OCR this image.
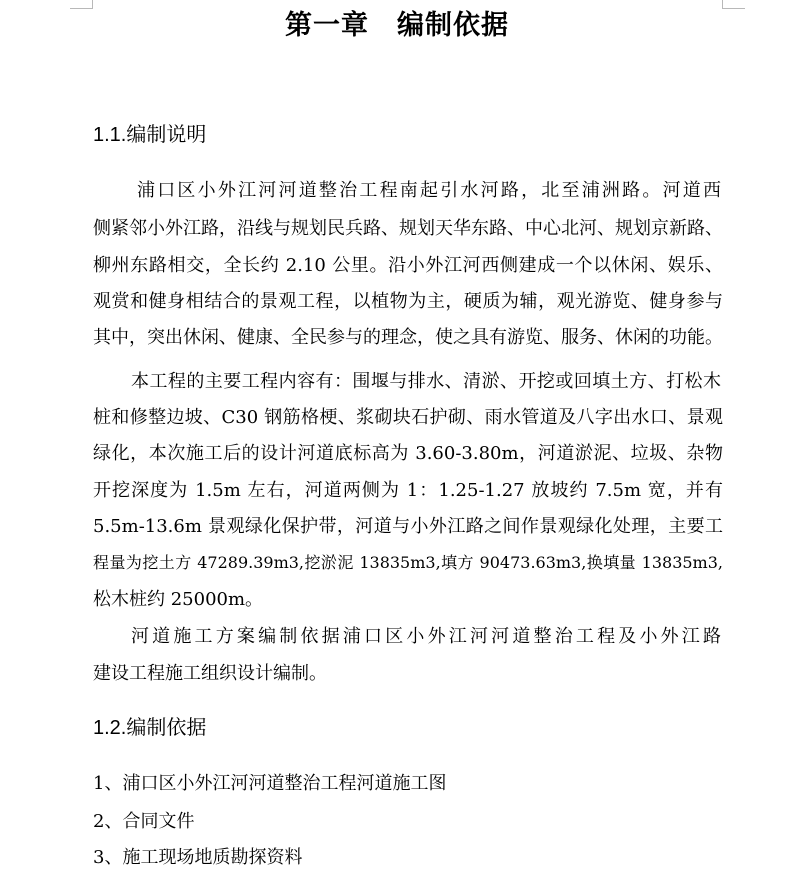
第一章　编制依据
1.1.编制说明
浦口区小外江河河道整治工程南起引水河路，北至浦洲路。河道西
侧紧邻小外江路，沿线与规划民兵路、规划天华东路、中心北河、规划京新路、
柳州东路相交，全长约 2.10 公里。沿小外江河西侧建成一个以休闲、娱乐、
观赏和健身相结合的景观工程，以植物为主，硬质为辅，观光游览、健身参与
其中，突出休闲、健康、全民参与的理念，使之具有游览、服务、休闲的功能。
本工程的主要工程内容有：围堰与排水、清淤、开挖或回填土方、打松木
桩和修整边坡、C30 钢筋格梗、浆砌块石护砌、雨水管道及八字出水口、景观
绿化，本次施工后的设计河道底标高为 3.60-3.80m，河道淤泥、垃圾、杂物
开挖深度为 1.5m 左右，河道两侧为 1：1.25-1.27 放坡约 7.5m 宽，并有
5.5m-13.6m 景观绿化保护带，河道与小外江路之间作景观绿化处理，主要工
程量为挖土方 47289.39m3,挖淤泥 13835m3,填方 90473.63m3,换填量 13835m3,
松木桩约 25000m。
河道施工方案编制依据浦口区小外江河河道整治工程及小外江路
建设工程施工组织设计编制。
1.2.编制依据
1、浦口区小外江河河道整治工程河道施工图
2、合同文件
3、施工现场地质勘探资料
